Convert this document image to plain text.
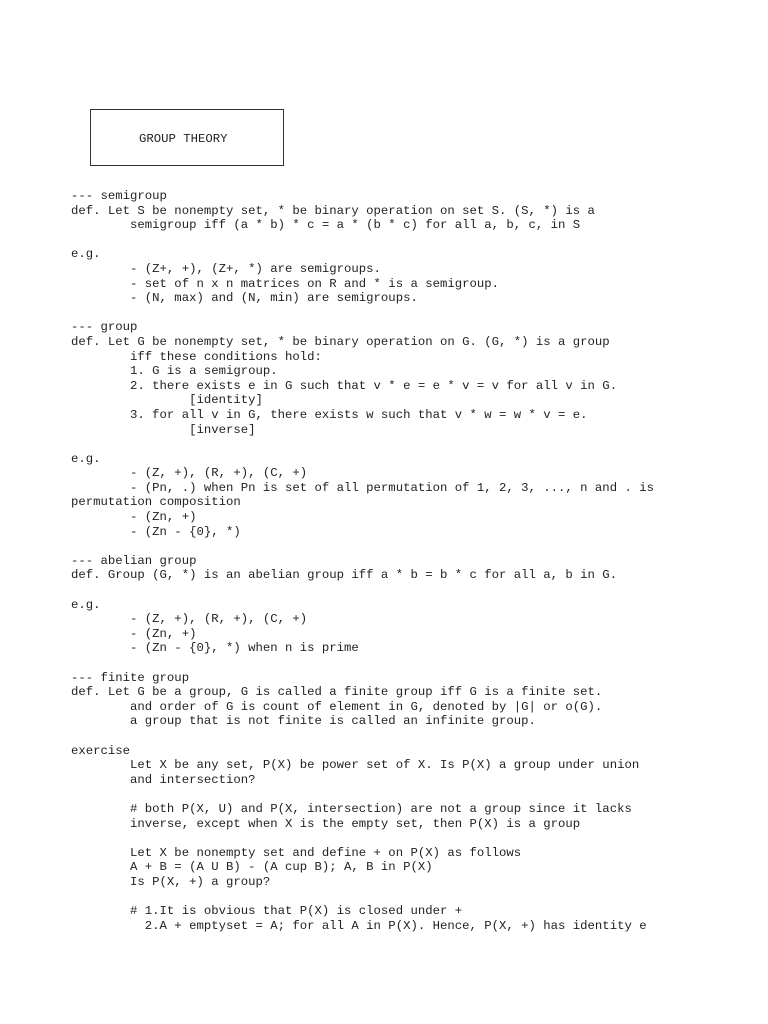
GROUP THEORY
--- semigroup
def. Let S be nonempty set, * be binary operation on set S. (S, *) is a
semigroup iff (a * b) * c = a * (b * c) for all a, b, c, in S
e.g.
- (Z+, +), (Z+, *) are semigroups.
- set of n x n matrices on R and * is a semigroup.
- (N, max) and (N, min) are semigroups.
--- group
def. Let G be nonempty set, * be binary operation on G. (G, *) is a group
iff these conditions hold:
1. G is a semigroup.
2. there exists e in G such that v * e = e * v = v for all v in G.
[identity]
3. for all v in G, there exists w such that v * w = w * v = e.
[inverse]
e.g.
- (Z, +), (R, +), (C, +)
- (Pn, .) when Pn is set of all permutation of 1, 2, 3, ..., n and . is
permutation composition
- (Zn, +)
- (Zn - {0}, *)
--- abelian group
def. Group (G, *) is an abelian group iff a * b = b * c for all a, b in G.
e.g.
- (Z, +), (R, +), (C, +)
- (Zn, +)
- (Zn - {0}, *) when n is prime
--- finite group
def. Let G be a group, G is called a finite group iff G is a finite set.
and order of G is count of element in G, denoted by |G| or o(G).
a group that is not finite is called an infinite group.
exercise
Let X be any set, P(X) be power set of X. Is P(X) a group under union
and intersection?
# both P(X, U) and P(X, intersection) are not a group since it lacks
inverse, except when X is the empty set, then P(X) is a group
Let X be nonempty set and define + on P(X) as follows
A + B = (A U B) - (A cup B); A, B in P(X)
Is P(X, +) a group?
# 1.It is obvious that P(X) is closed under +
2.A + emptyset = A; for all A in P(X). Hence, P(X, +) has identity e
